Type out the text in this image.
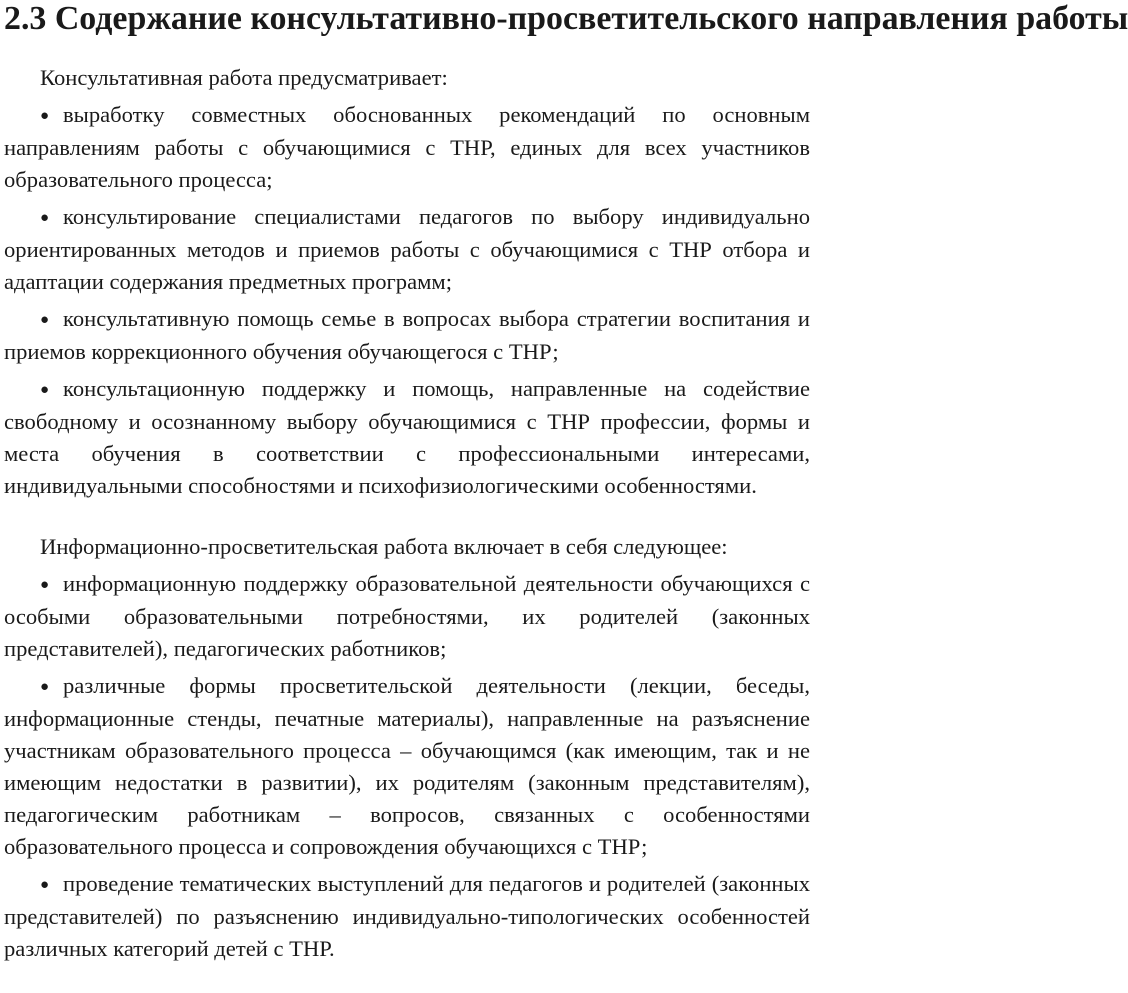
2.3 Содержание консультативно-просветительского направления работы

Консультативная работа предусматривает:

● выработку совместных обоснованных рекомендаций по основным направлениям работы с обучающимися с ТНР, единых для всех участников образовательного процесса;
● консультирование специалистами педагогов по выбору индивидуально ориентированных методов и приемов работы с обучающимися с ТНР отбора и адаптации содержания предметных программ;
● консультативную помощь семье в вопросах выбора стратегии воспитания и приемов коррекционного обучения обучающегося с ТНР;
● консультационную поддержку и помощь, направленные на содействие свободному и осознанному выбору обучающимися с ТНР профессии, формы и места обучения в соответствии с профессиональными интересами, индивидуальными способностями и психофизиологическими особенностями.

Информационно-просветительская работа включает в себя следующее:

● информационную поддержку образовательной деятельности обучающихся с особыми образовательными потребностями, их родителей (законных представителей), педагогических работников;
● различные формы просветительской деятельности (лекции, беседы, информационные стенды, печатные материалы), направленные на разъяснение участникам образовательного процесса – обучающимся (как имеющим, так и не имеющим недостатки в развитии), их родителям (законным представителям), педагогическим работникам – вопросов, связанных с особенностями образовательного процесса и сопровождения обучающихся с ТНР;
● проведение тематических выступлений для педагогов и родителей (законных представителей) по разъяснению индивидуально-типологических особенностей различных категорий детей с ТНР.
